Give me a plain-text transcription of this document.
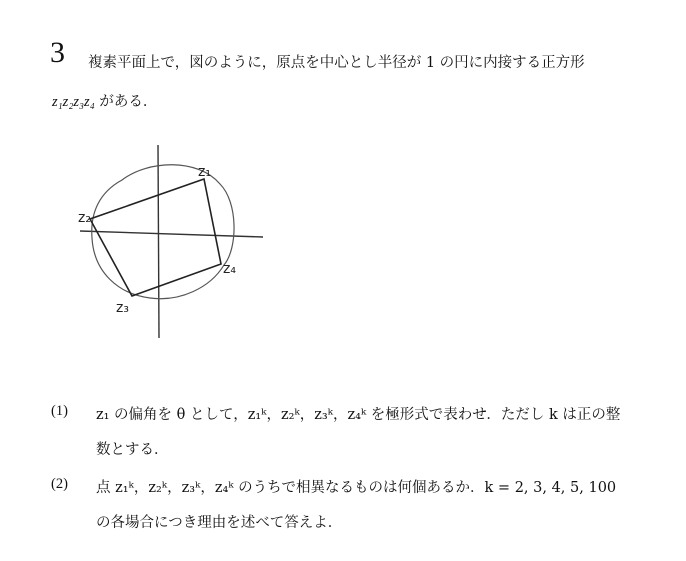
3 複素平面上で，図のように，原点を中心とし半径が 1 の円に内接する正方形
z₁z₂z₃z₄ がある．
z₁
z₂
z₃
z₄
(1) z₁ の偏角を θ として，z₁ᵏ，z₂ᵏ，z₃ᵏ，z₄ᵏ を極形式で表わせ．ただし k は正の整
数とする．
(2) 点 z₁ᵏ，z₂ᵏ，z₃ᵏ，z₄ᵏ のうちで相異なるものは何個あるか．k = 2, 3, 4, 5, 100
の各場合につき理由を述べて答えよ．
